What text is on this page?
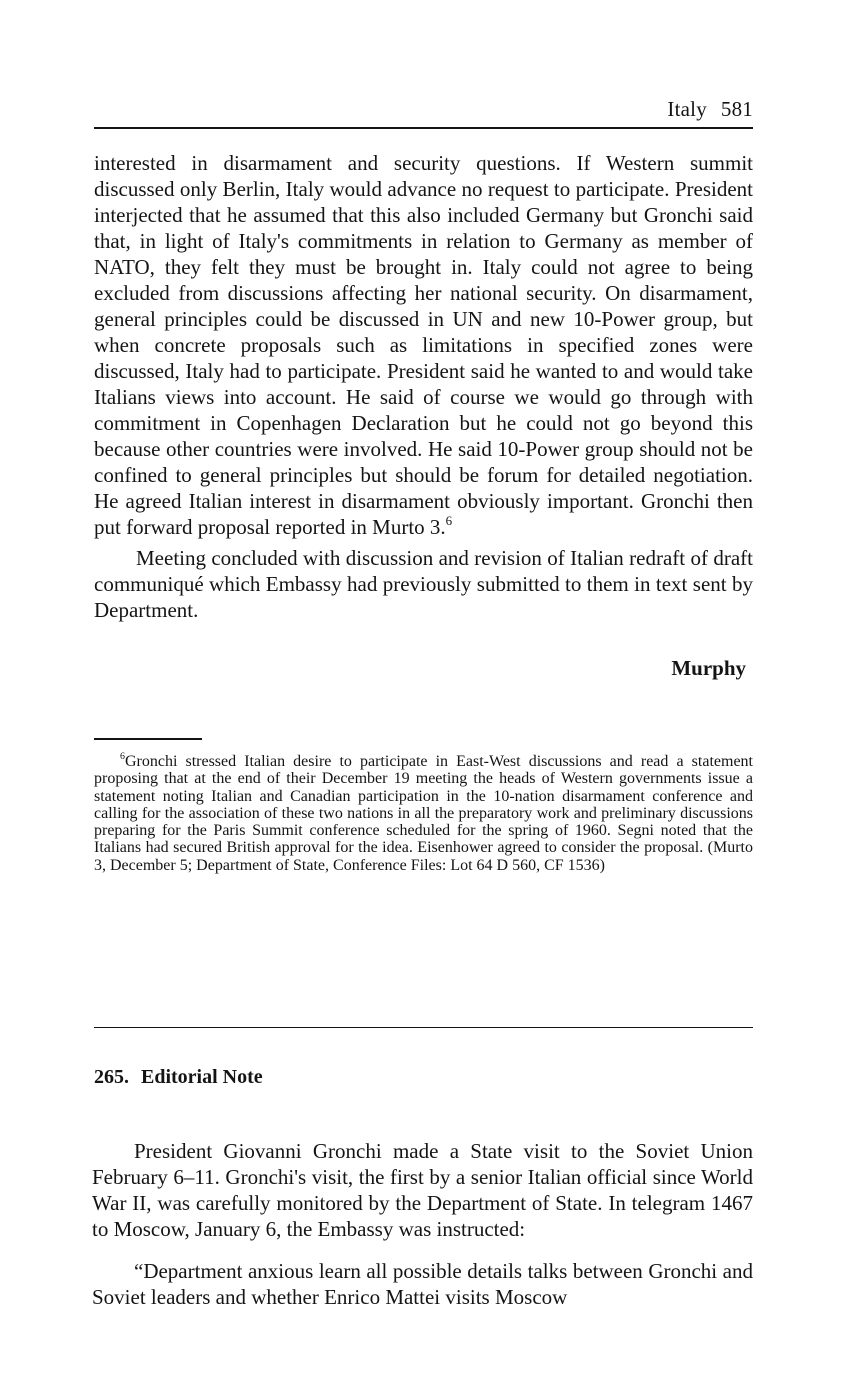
Italy 581

interested in disarmament and security questions. If Western summit discussed only Berlin, Italy would advance no request to participate. President interjected that he assumed that this also included Germany but Gronchi said that, in light of Italy's commitments in relation to Germany as member of NATO, they felt they must be brought in. Italy could not agree to being excluded from discussions affecting her national security. On disarmament, general principles could be discussed in UN and new 10-Power group, but when concrete proposals such as limitations in specified zones were discussed, Italy had to participate. President said he wanted to and would take Italians views into account. He said of course we would go through with commitment in Copenhagen Declaration but he could not go beyond this because other countries were involved. He said 10-Power group should not be confined to general principles but should be forum for detailed negotiation. He agreed Italian interest in disarmament obviously important. Gronchi then put forward proposal reported in Murto 3.$^6$

Meeting concluded with discussion and revision of Italian redraft of draft communiqué which Embassy had previously submitted to them in text sent by Department.

Murphy

$^6$Gronchi stressed Italian desire to participate in East-West discussions and read a statement proposing that at the end of their December 19 meeting the heads of Western governments issue a statement noting Italian and Canadian participation in the 10-nation disarmament conference and calling for the association of these two nations in all the preparatory work and preliminary discussions preparing for the Paris Summit conference scheduled for the spring of 1960. Segni noted that the Italians had secured British approval for the idea. Eisenhower agreed to consider the proposal. (Murto 3, December 5; Department of State, Conference Files: Lot 64 D 560, CF 1536)

265. Editorial Note

President Giovanni Gronchi made a State visit to the Soviet Union February 6–11. Gronchi's visit, the first by a senior Italian official since World War II, was carefully monitored by the Department of State. In telegram 1467 to Moscow, January 6, the Embassy was instructed:

“Department anxious learn all possible details talks between Gronchi and Soviet leaders and whether Enrico Mattei visits Moscow
